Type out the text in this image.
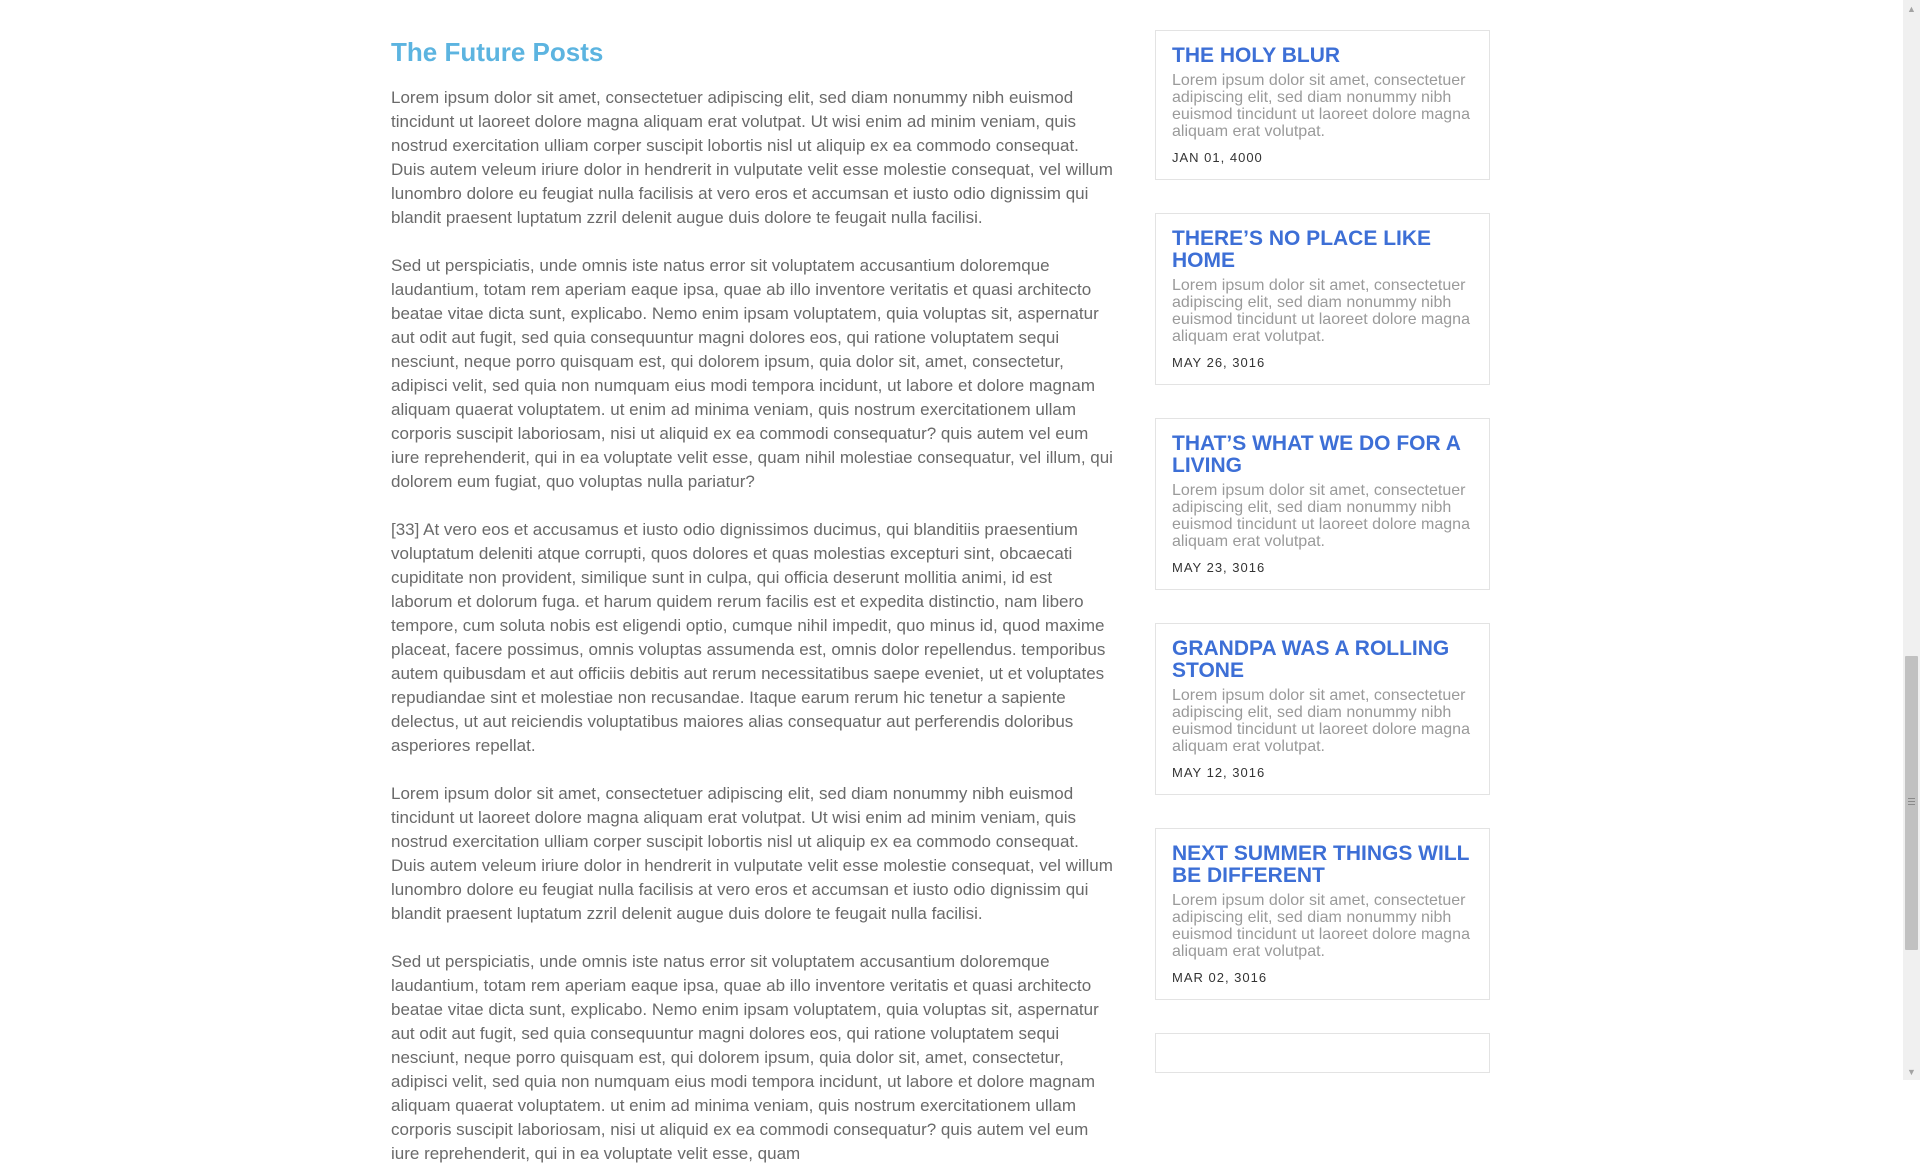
The Future Posts

Lorem ipsum dolor sit amet, consectetuer adipiscing elit, sed diam nonummy nibh euismod tincidunt ut laoreet dolore magna aliquam erat volutpat. Ut wisi enim ad minim veniam, quis nostrud exercitation ulliam corper suscipit lobortis nisl ut aliquip ex ea commodo consequat. Duis autem veleum iriure dolor in hendrerit in vulputate velit esse molestie consequat, vel willum lunombro dolore eu feugiat nulla facilisis at vero eros et accumsan et iusto odio dignissim qui blandit praesent luptatum zzril delenit augue duis dolore te feugait nulla facilisi.

Sed ut perspiciatis, unde omnis iste natus error sit voluptatem accusantium doloremque laudantium, totam rem aperiam eaque ipsa, quae ab illo inventore veritatis et quasi architecto beatae vitae dicta sunt, explicabo. Nemo enim ipsam voluptatem, quia voluptas sit, aspernatur aut odit aut fugit, sed quia consequuntur magni dolores eos, qui ratione voluptatem sequi nesciunt, neque porro quisquam est, qui dolorem ipsum, quia dolor sit, amet, consectetur, adipisci velit, sed quia non numquam eius modi tempora incidunt, ut labore et dolore magnam aliquam quaerat voluptatem. ut enim ad minima veniam, quis nostrum exercitationem ullam corporis suscipit laboriosam, nisi ut aliquid ex ea commodi consequatur? quis autem vel eum iure reprehenderit, qui in ea voluptate velit esse, quam nihil molestiae consequatur, vel illum, qui dolorem eum fugiat, quo voluptas nulla pariatur?

[33] At vero eos et accusamus et iusto odio dignissimos ducimus, qui blanditiis praesentium voluptatum deleniti atque corrupti, quos dolores et quas molestias excepturi sint, obcaecati cupiditate non provident, similique sunt in culpa, qui officia deserunt mollitia animi, id est laborum et dolorum fuga. et harum quidem rerum facilis est et expedita distinctio, nam libero tempore, cum soluta nobis est eligendi optio, cumque nihil impedit, quo minus id, quod maxime placeat, facere possimus, omnis voluptas assumenda est, omnis dolor repellendus. temporibus autem quibusdam et aut officiis debitis aut rerum necessitatibus saepe eveniet, ut et voluptates repudiandae sint et molestiae non recusandae. Itaque earum rerum hic tenetur a sapiente delectus, ut aut reiciendis voluptatibus maiores alias consequatur aut perferendis doloribus asperiores repellat.

Lorem ipsum dolor sit amet, consectetuer adipiscing elit, sed diam nonummy nibh euismod tincidunt ut laoreet dolore magna aliquam erat volutpat. Ut wisi enim ad minim veniam, quis nostrud exercitation ulliam corper suscipit lobortis nisl ut aliquip ex ea commodo consequat. Duis autem veleum iriure dolor in hendrerit in vulputate velit esse molestie consequat, vel willum lunombro dolore eu feugiat nulla facilisis at vero eros et accumsan et iusto odio dignissim qui blandit praesent luptatum zzril delenit augue duis dolore te feugait nulla facilisi.

Sed ut perspiciatis, unde omnis iste natus error sit voluptatem accusantium doloremque laudantium, totam rem aperiam eaque ipsa, quae ab illo inventore veritatis et quasi architecto beatae vitae dicta sunt, explicabo. Nemo enim ipsam voluptatem, quia voluptas sit, aspernatur aut odit aut fugit, sed quia consequuntur magni dolores eos, qui ratione voluptatem sequi nesciunt, neque porro quisquam est, qui dolorem ipsum, quia dolor sit, amet, consectetur, adipisci velit, sed quia non numquam eius modi tempora incidunt, ut labore et dolore magnam aliquam quaerat voluptatem. ut enim ad minima veniam, quis nostrum exercitationem ullam corporis suscipit laboriosam, nisi ut aliquid ex ea commodi consequatur? quis autem vel eum iure reprehenderit, qui in ea voluptate velit esse, quam

THE HOLY BLUR
Lorem ipsum dolor sit amet, consectetuer adipiscing elit, sed diam nonummy nibh euismod tincidunt ut laoreet dolore magna aliquam erat volutpat.
JAN 01, 4000
THERE’S NO PLACE LIKE HOME
Lorem ipsum dolor sit amet, consectetuer adipiscing elit, sed diam nonummy nibh euismod tincidunt ut laoreet dolore magna aliquam erat volutpat.
MAY 26, 3016
THAT’S WHAT WE DO FOR A LIVING
Lorem ipsum dolor sit amet, consectetuer adipiscing elit, sed diam nonummy nibh euismod tincidunt ut laoreet dolore magna aliquam erat volutpat.
MAY 23, 3016
GRANDPA WAS A ROLLING STONE
Lorem ipsum dolor sit amet, consectetuer adipiscing elit, sed diam nonummy nibh euismod tincidunt ut laoreet dolore magna aliquam erat volutpat.
MAY 12, 3016
NEXT SUMMER THINGS WILL BE DIFFERENT
Lorem ipsum dolor sit amet, consectetuer adipiscing elit, sed diam nonummy nibh euismod tincidunt ut laoreet dolore magna aliquam erat volutpat.
MAR 02, 3016
▲
▼
